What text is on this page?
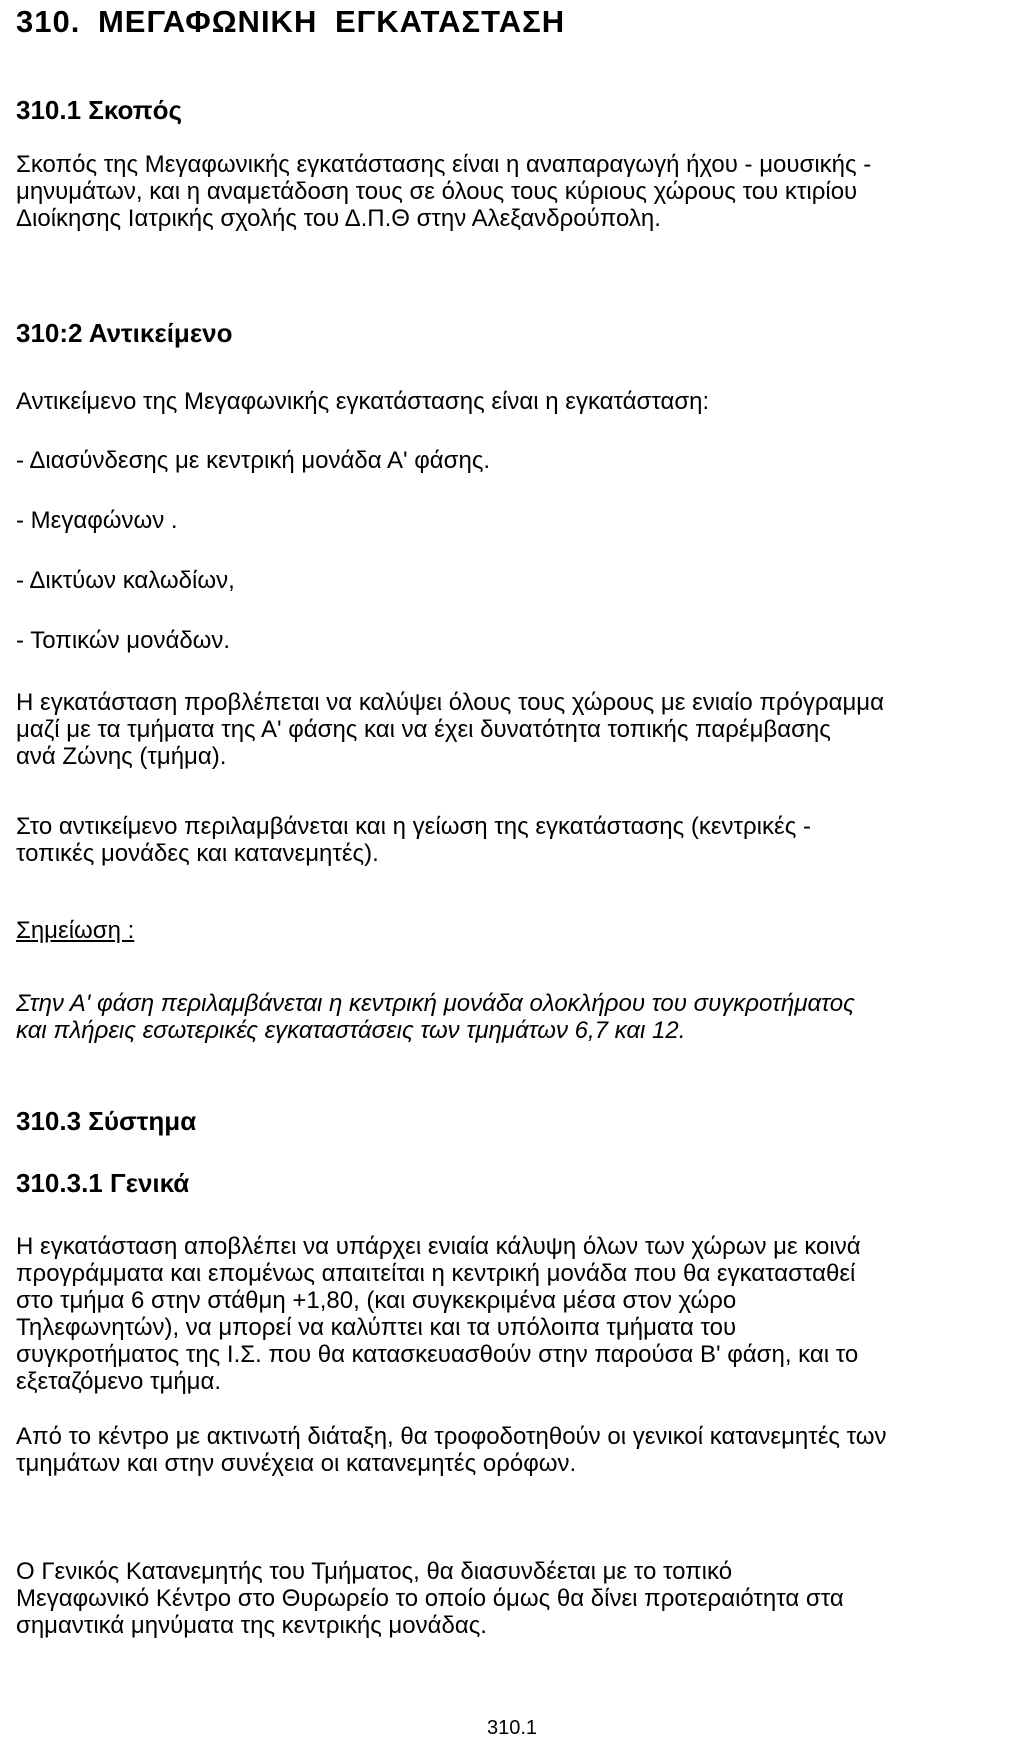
310. ΜΕΓΑΦΩΝΙΚΗ ΕΓΚΑΤΑΣΤΑΣΗ
310.1 Σκοπός
Σκοπός της Μεγαφωνικής εγκατάστασης είναι η αναπαραγωγή ήχου - μουσικής -
μηνυμάτων, και η αναμετάδοση τους σε όλους τους κύριους χώρους του κτιρίου
Διοίκησης Ιατρικής σχολής του Δ.Π.Θ στην Αλεξανδρούπολη.
310:2 Αντικείμενο
Αντικείμενο της Μεγαφωνικής εγκατάστασης είναι η εγκατάσταση:
- Διασύνδεσης με κεντρική μονάδα Α' φάσης.
- Μεγαφώνων .
- Δικτύων καλωδίων,
- Τοπικών μονάδων.
Η εγκατάσταση προβλέπεται να καλύψει όλους τους χώρους με ενιαίο πρόγραμμα
μαζί με τα τμήματα της Α' φάσης και να έχει δυνατότητα τοπικής παρέμβασης
ανά Ζώνης (τμήμα).
Στο αντικείμενο περιλαμβάνεται και η γείωση της εγκατάστασης (κεντρικές -
τοπικές μονάδες και κατανεμητές).
Σημείωση :
Στην Α' φάση περιλαμβάνεται η κεντρική μονάδα ολοκλήρου του συγκροτήματος
και πλήρεις εσωτερικές εγκαταστάσεις των τμημάτων 6,7 και 12.
310.3 Σύστημα
310.3.1 Γενικά
Η εγκατάσταση αποβλέπει να υπάρχει ενιαία κάλυψη όλων των χώρων με κοινά
προγράμματα και επομένως απαιτείται η κεντρική μονάδα που θα εγκατασταθεί
στο τμήμα 6 στην στάθμη +1,80, (και συγκεκριμένα μέσα στον χώρο
Τηλεφωνητών), να μπορεί να καλύπτει και τα υπόλοιπα τμήματα του
συγκροτήματος της Ι.Σ. που θα κατασκευασθούν στην παρούσα Β' φάση, και το
εξεταζόμενο τμήμα.
Από το κέντρο με ακτινωτή διάταξη, θα τροφοδοτηθούν οι γενικοί κατανεμητές των
τμημάτων και στην συνέχεια οι κατανεμητές ορόφων.
Ο Γενικός Κατανεμητής του Τμήματος, θα διασυνδέεται με το τοπικό
Μεγαφωνικό Κέντρο στο Θυρωρείο το οποίο όμως θα δίνει προτεραιότητα στα
σημαντικά μηνύματα της κεντρικής μονάδας.
310.1
